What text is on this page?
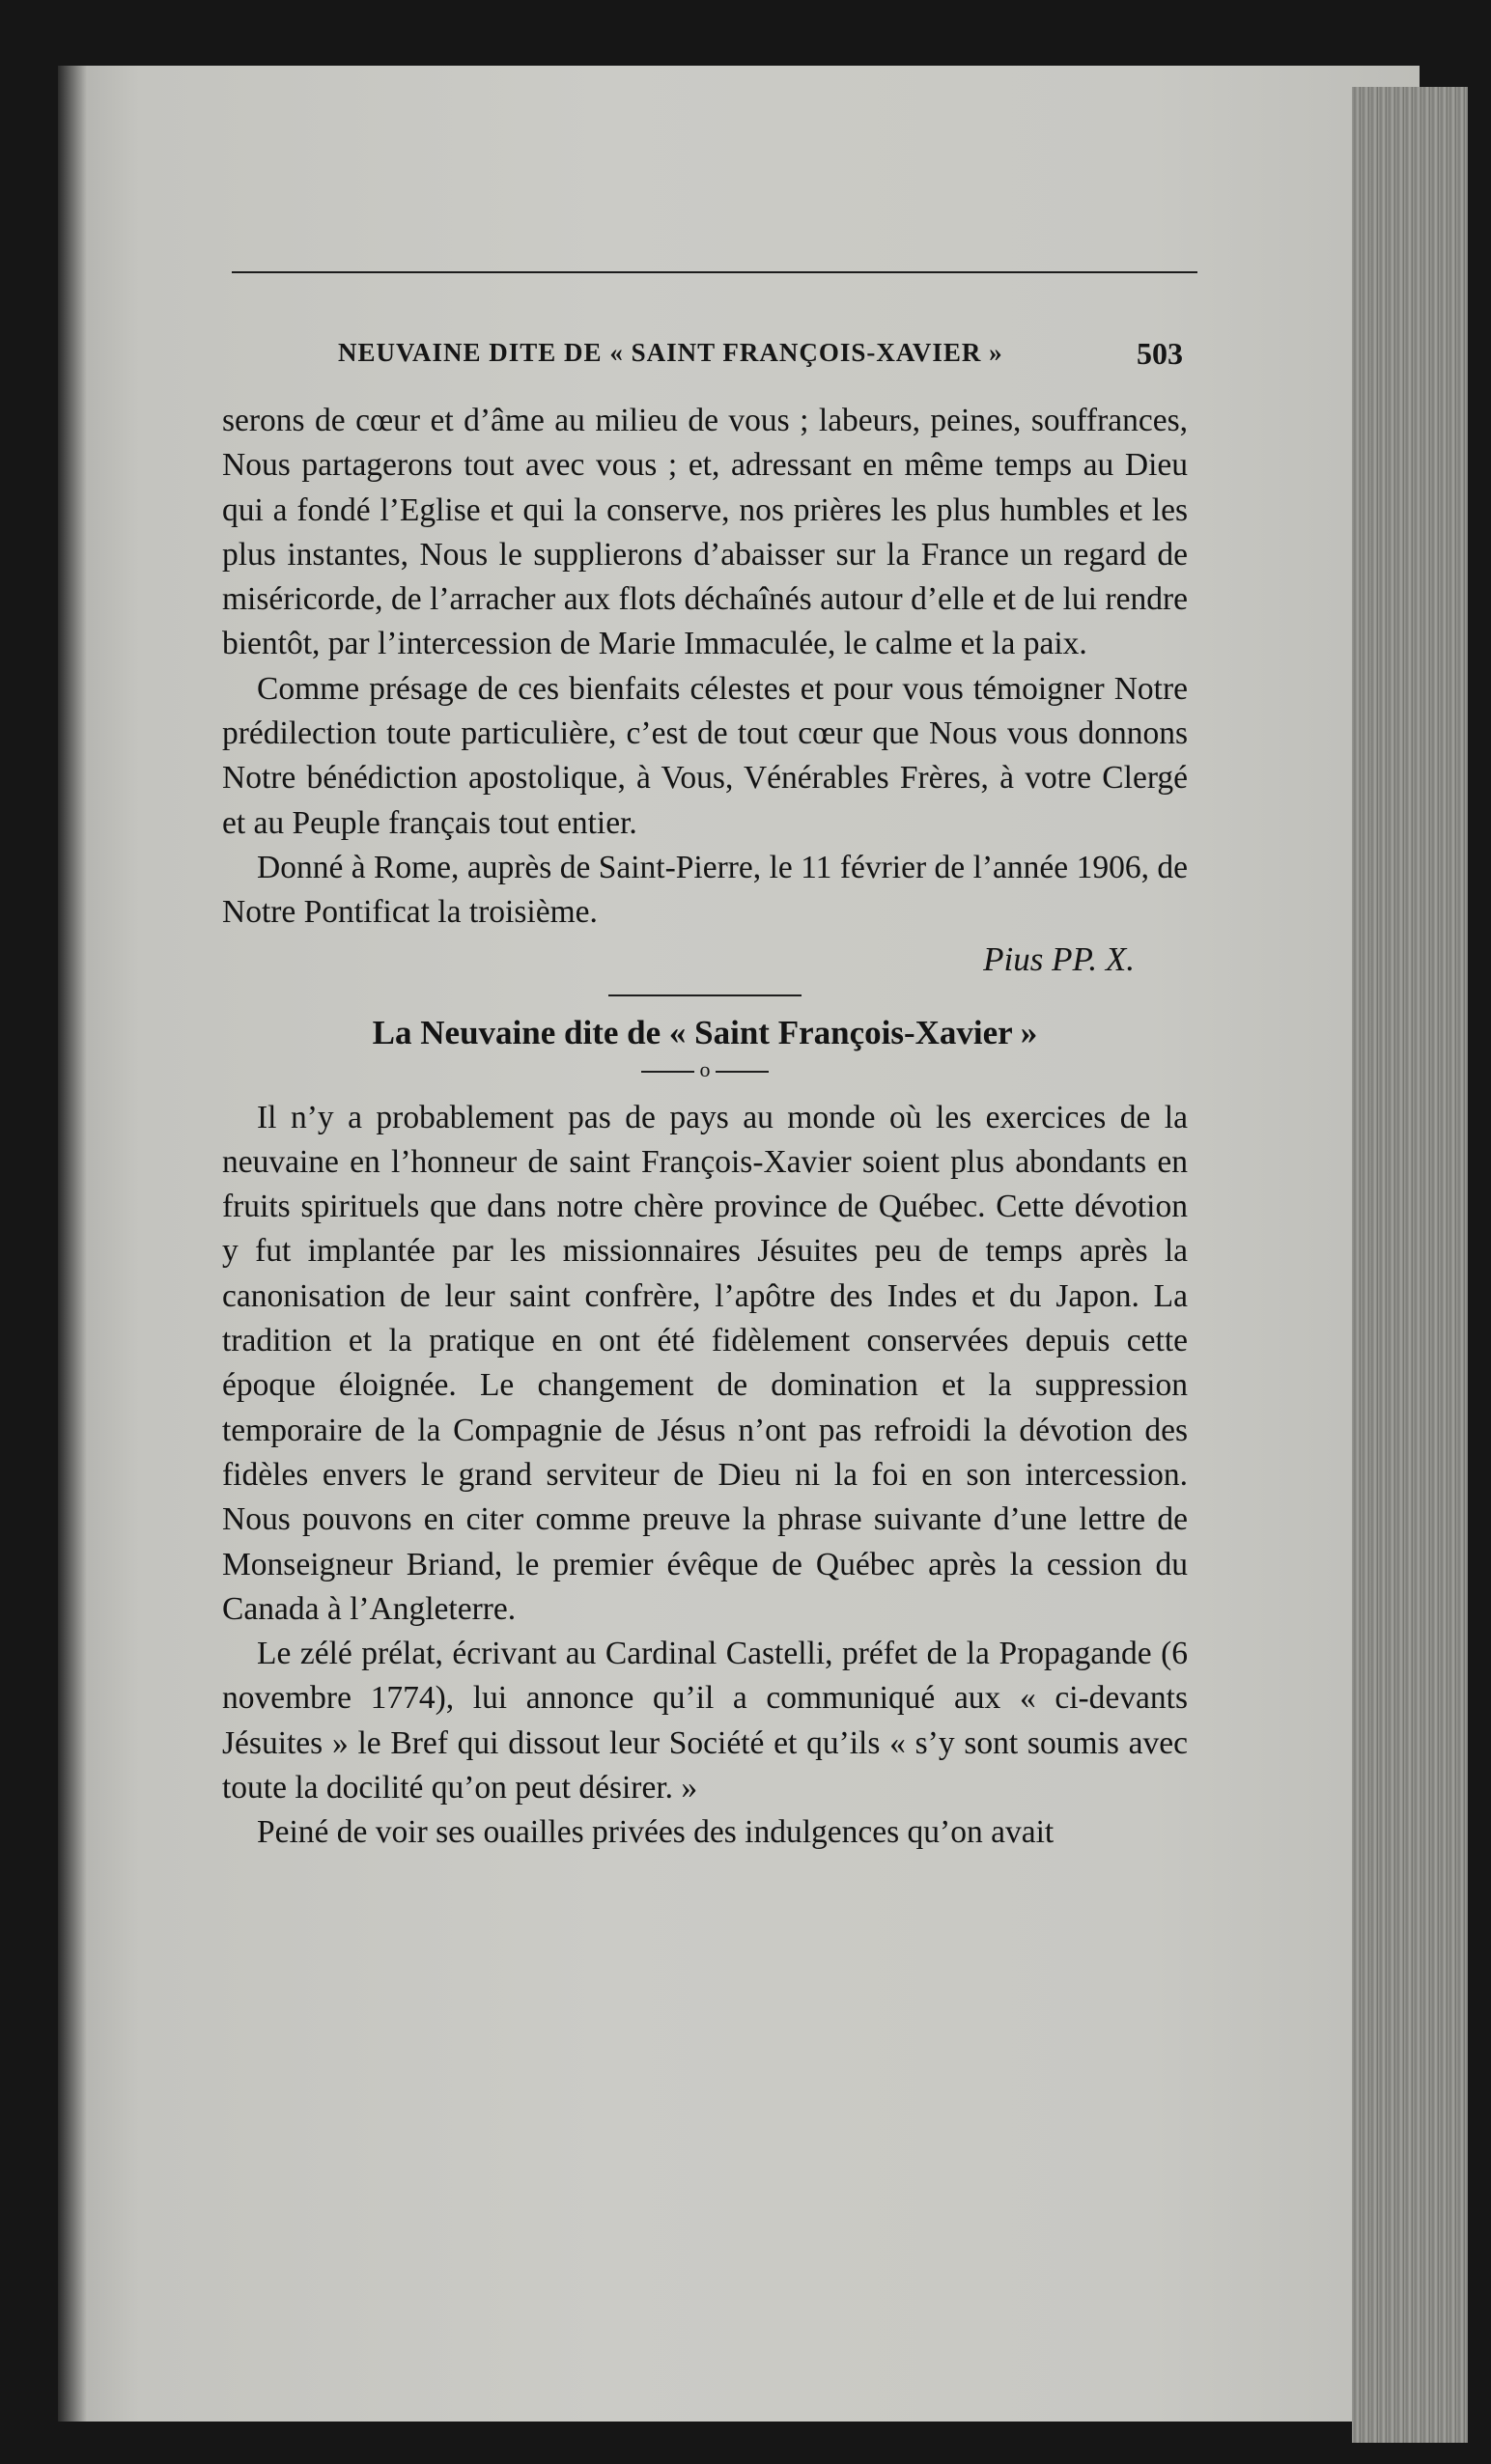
NEUVAINE DITE DE « SAINT FRANÇOIS-XAVIER »	503

serons de cœur et d’âme au milieu de vous ; labeurs, peines, souffrances, Nous partagerons tout avec vous ; et, adressant en même temps au Dieu qui a fondé l’Eglise et qui la conserve, nos prières les plus humbles et les plus instantes, Nous le supplierons d’abaisser sur la France un regard de miséricorde, de l’arracher aux flots déchaînés autour d’elle et de lui rendre bientôt, par l’intercession de Marie Immaculée, le calme et la paix.

Comme présage de ces bienfaits célestes et pour vous témoigner Notre prédilection toute particulière, c’est de tout cœur que Nous vous donnons Notre bénédiction apostolique, à Vous, Vénérables Frères, à votre Clergé et au Peuple français tout entier.

Donné à Rome, auprès de Saint-Pierre, le 11 février de l’année 1906, de Notre Pontificat la troisième.

Pius PP. X.
La Neuvaine dite de « Saint François-Xavier »
o

Il n’y a probablement pas de pays au monde où les exercices de la neuvaine en l’honneur de saint François-Xavier soient plus abondants en fruits spirituels que dans notre chère province de Québec. Cette dévotion y fut implantée par les missionnaires Jésuites peu de temps après la canonisation de leur saint confrère, l’apôtre des Indes et du Japon. La tradition et la pratique en ont été fidèlement conservées depuis cette époque éloignée. Le changement de domination et la suppression temporaire de la Compagnie de Jésus n’ont pas refroidi la dévotion des fidèles envers le grand serviteur de Dieu ni la foi en son intercession. Nous pouvons en citer comme preuve la phrase suivante d’une lettre de Monseigneur Briand, le premier évêque de Québec après la cession du Canada à l’Angleterre.

Le zélé prélat, écrivant au Cardinal Castelli, préfet de la Propagande (6 novembre 1774), lui annonce qu’il a communiqué aux « ci-devants Jésuites » le Bref qui dissout leur Société et qu’ils « s’y sont soumis avec toute la docilité qu’on peut désirer. »

Peiné de voir ses ouailles privées des indulgences qu’on avait
